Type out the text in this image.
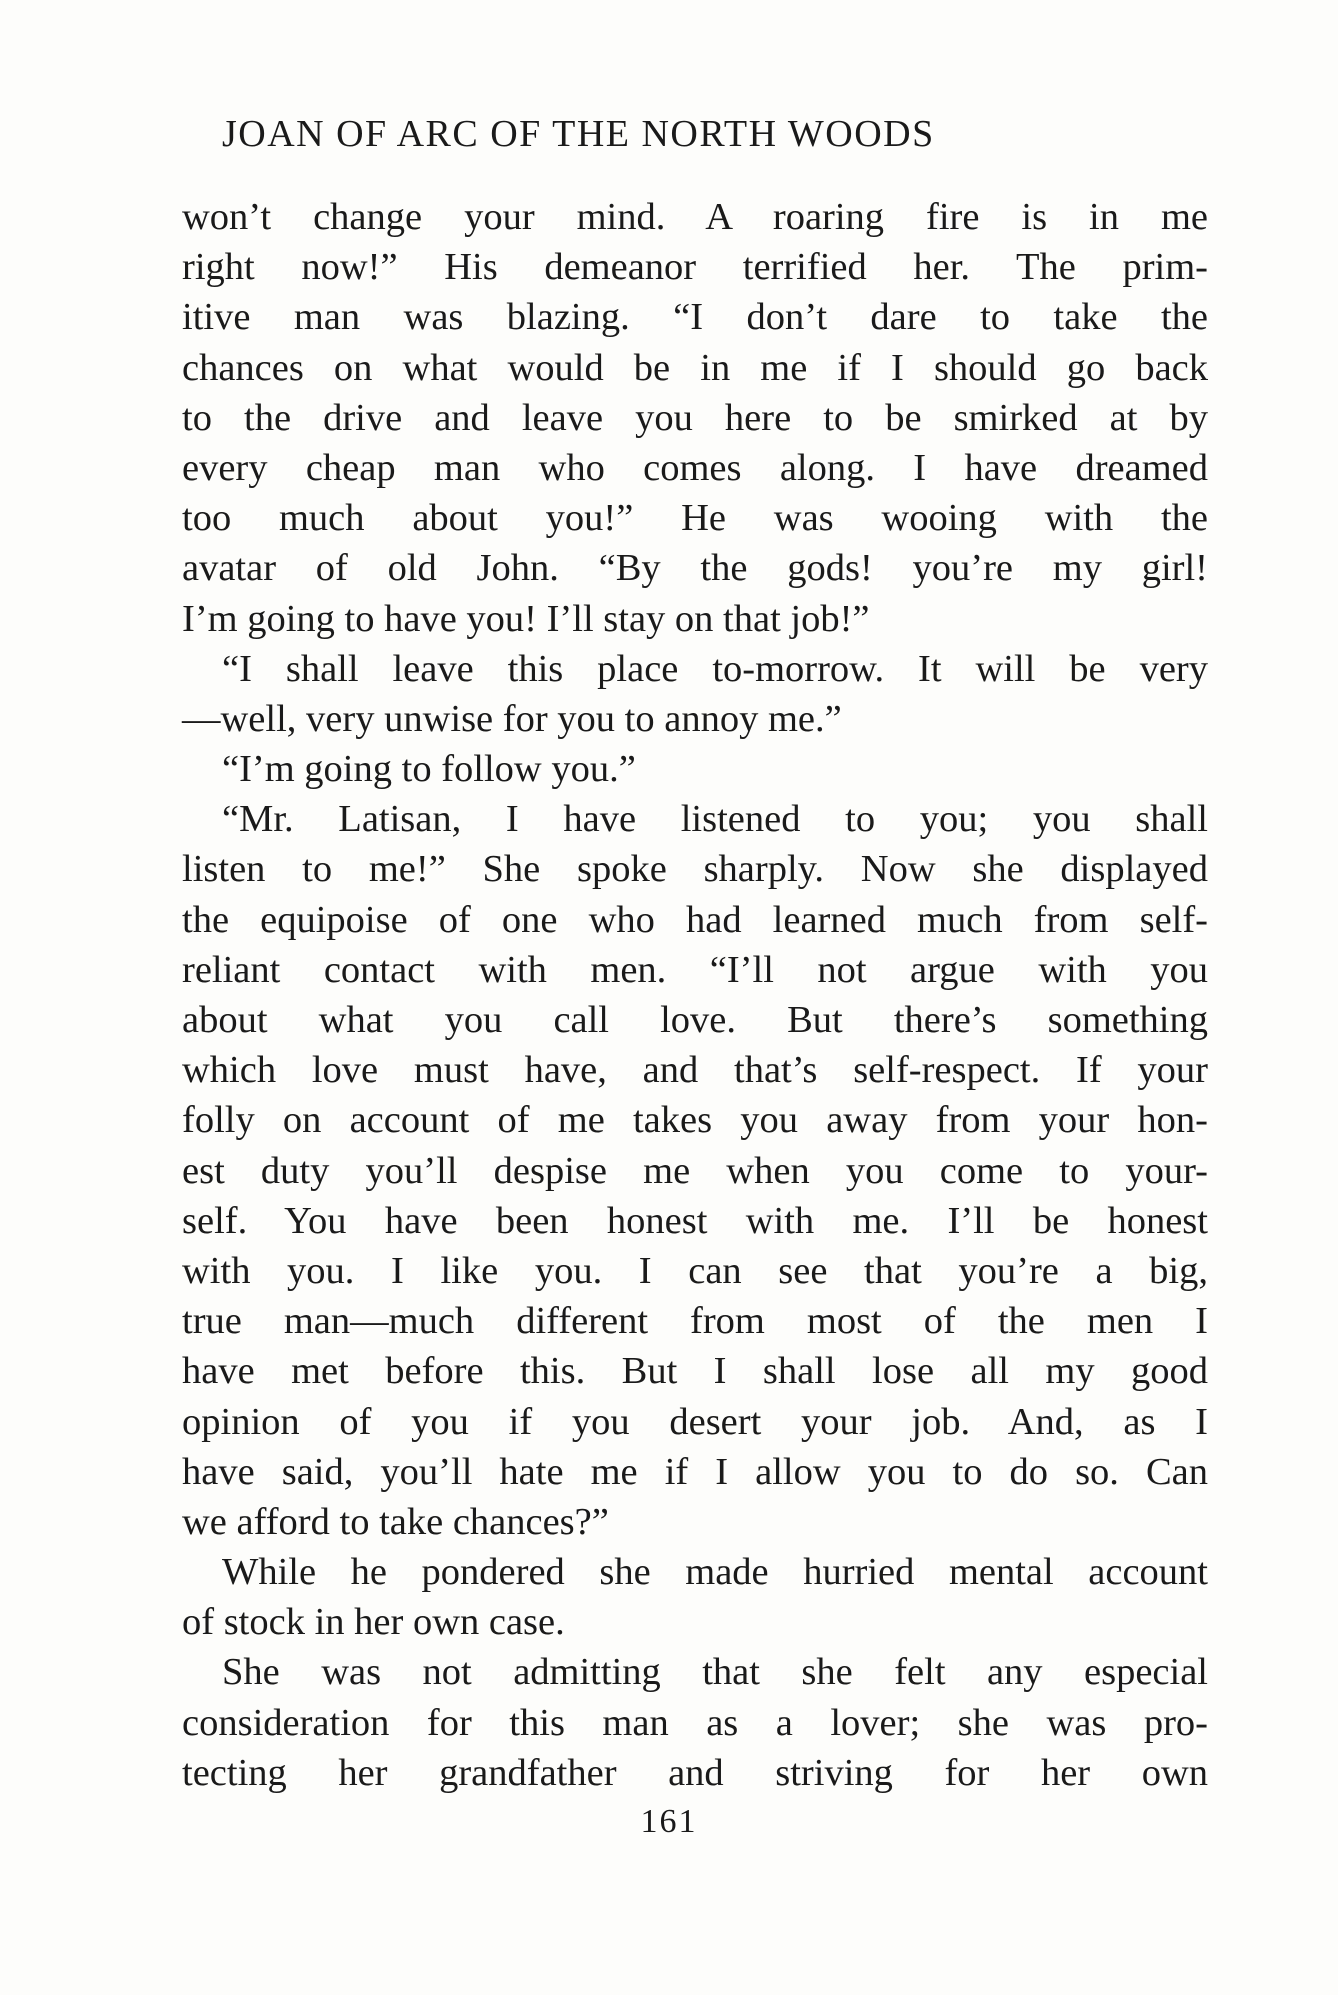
JOAN OF ARC OF THE NORTH WOODS
won’t change your mind. A roaring fire is in me
right now!” His demeanor terrified her. The prim-
itive man was blazing. “I don’t dare to take the
chances on what would be in me if I should go back
to the drive and leave you here to be smirked at by
every cheap man who comes along. I have dreamed
too much about you!” He was wooing with the
avatar of old John. “By the gods! you’re my girl!
I’m going to have you! I’ll stay on that job!”
“I shall leave this place to-morrow. It will be very
—well, very unwise for you to annoy me.”
“I’m going to follow you.”
“Mr. Latisan, I have listened to you; you shall
listen to me!” She spoke sharply. Now she displayed
the equipoise of one who had learned much from self-
reliant contact with men. “I’ll not argue with you
about what you call love. But there’s something
which love must have, and that’s self-respect. If your
folly on account of me takes you away from your hon-
est duty you’ll despise me when you come to your-
self. You have been honest with me. I’ll be honest
with you. I like you. I can see that you’re a big,
true man—much different from most of the men I
have met before this. But I shall lose all my good
opinion of you if you desert your job. And, as I
have said, you’ll hate me if I allow you to do so. Can
we afford to take chances?”
While he pondered she made hurried mental account
of stock in her own case.
She was not admitting that she felt any especial
consideration for this man as a lover; she was pro-
tecting her grandfather and striving for her own
161
